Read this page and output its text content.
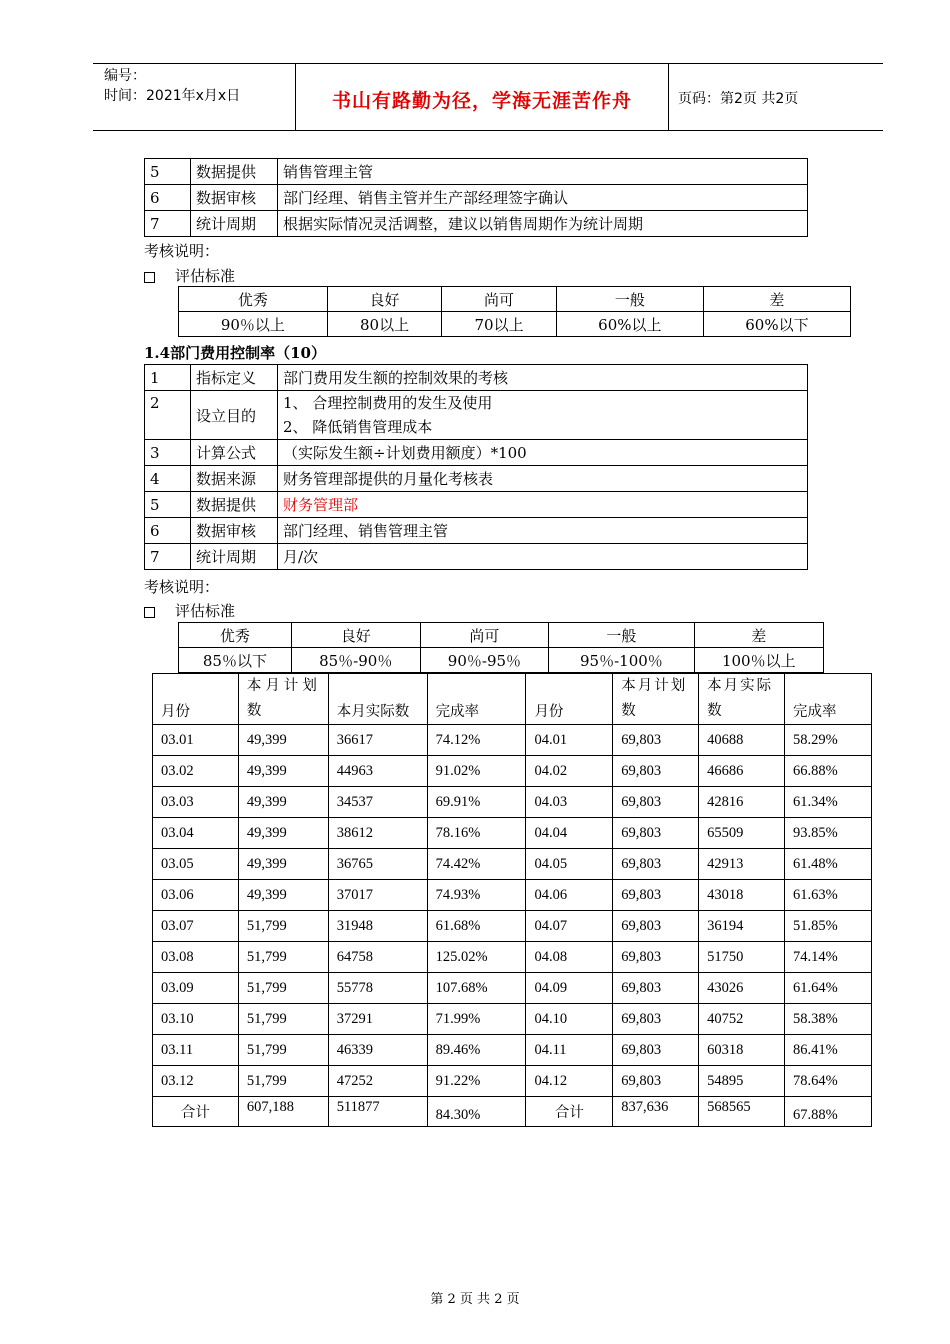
编号：
时间：2021年x月x日	书山有路勤为径，学海无涯苦作舟	页码：第2页 共2页
5	数据提供	销售管理主管
6	数据审核	部门经理、销售主管并生产部经理签字确认
7	统计周期	根据实际情况灵活调整，建议以销售周期作为统计周期
考核说明：
评估标准
优秀	良好	尚可	一般	差
90％以上	80以上	70以上	60%以上	60%以下
1.4部门费用控制率（10）
1	指标定义	部门费用发生额的控制效果的考核
2	设立目的	1、 合理控制费用的发生及使用
2、 降低销售管理成本

3	计算公式	（实际发生额÷计划费用额度）*100
4	数据来源	财务管理部提供的月量化考核表
5	数据提供	财务管理部
6	数据审核	部门经理、销售管理主管
7	统计周期	月/次
考核说明：
评估标准
优秀	良好	尚可	一般	差
85％以下	85％-90％	90％-95％	95％-100％	100％以上
月份	本月计划数	本月实际数	完成率	月份	本月计划数	本月实际数	完成率
03.01	49,399	36617	74.12%	04.01	69,803	40688	58.29%
03.02	49,399	44963	91.02%	04.02	69,803	46686	66.88%
03.03	49,399	34537	69.91%	04.03	69,803	42816	61.34%
03.04	49,399	38612	78.16%	04.04	69,803	65509	93.85%
03.05	49,399	36765	74.42%	04.05	69,803	42913	61.48%
03.06	49,399	37017	74.93%	04.06	69,803	43018	61.63%
03.07	51,799	31948	61.68%	04.07	69,803	36194	51.85%
03.08	51,799	64758	125.02%	04.08	69,803	51750	74.14%
03.09	51,799	55778	107.68%	04.09	69,803	43026	61.64%
03.10	51,799	37291	71.99%	04.10	69,803	40752	58.38%
03.11	51,799	46339	89.46%	04.11	69,803	60318	86.41%
03.12	51,799	47252	91.22%	04.12	69,803	54895	78.64%
合计	607,188	511877	84.30%	合计	837,636	568565	67.88%
第 2 页 共 2 页
